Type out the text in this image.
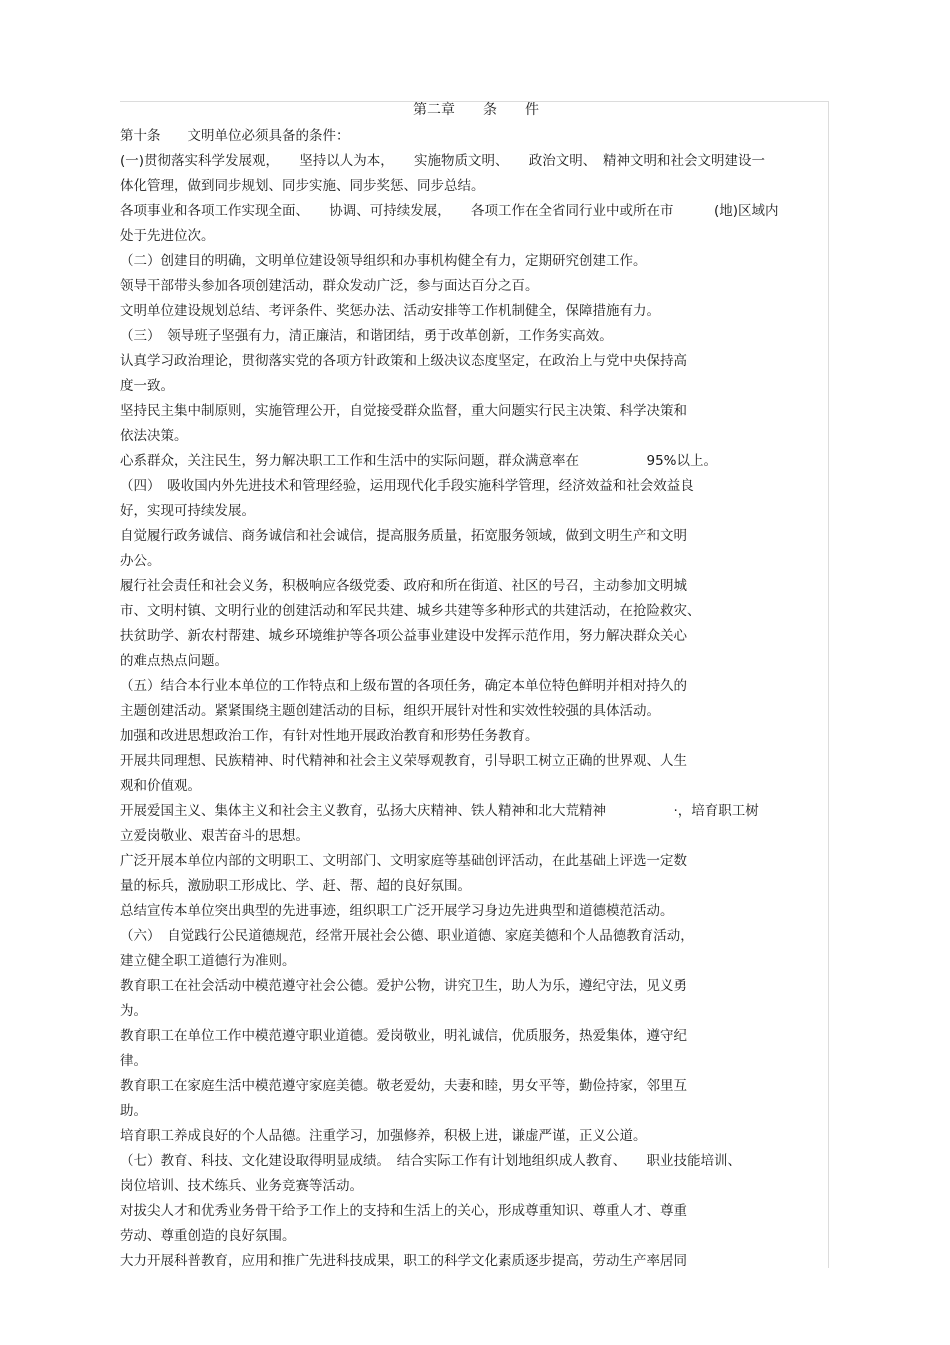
第二章　　条　　件
第十条　　文明单位必须具备的条件：
(一)贯彻落实科学发展观，　　坚持以人为本，　　实施物质文明、　　政治文明、　精神文明和社会文明建设一
体化管理，做到同步规划、同步实施、同步奖惩、同步总结。
各项事业和各项工作实现全面、　　协调、可持续发展，　　各项工作在全省同行业中或所在市　　　(地)区域内
处于先进位次。
（二）创建目的明确，文明单位建设领导组织和办事机构健全有力，定期研究创建工作。
领导干部带头参加各项创建活动，群众发动广泛，参与面达百分之百。
文明单位建设规划总结、考评条件、奖惩办法、活动安排等工作机制健全，保障措施有力。
（三）　领导班子坚强有力，清正廉洁，和谐团结，勇于改革创新，工作务实高效。
认真学习政治理论，贯彻落实党的各项方针政策和上级决议态度坚定，在政治上与党中央保持高
度一致。
坚持民主集中制原则，实施管理公开，自觉接受群众监督，重大问题实行民主决策、科学决策和
依法决策。
心系群众，关注民生，努力解决职工工作和生活中的实际问题，群众满意率在　　　　　95%以上。
（四）　吸收国内外先进技术和管理经验，运用现代化手段实施科学管理，经济效益和社会效益良
好，实现可持续发展。
自觉履行政务诚信、商务诚信和社会诚信，提高服务质量，拓宽服务领域，做到文明生产和文明
办公。
履行社会责任和社会义务，积极响应各级党委、政府和所在街道、社区的号召，主动参加文明城
市、文明村镇、文明行业的创建活动和军民共建、城乡共建等多种形式的共建活动，在抢险救灾、
扶贫助学、新农村帮建、城乡环境维护等各项公益事业建设中发挥示范作用，努力解决群众关心
的难点热点问题。
（五）结合本行业本单位的工作特点和上级布置的各项任务，确定本单位特色鲜明并相对持久的
主题创建活动。紧紧围绕主题创建活动的目标，组织开展针对性和实效性较强的具体活动。
加强和改进思想政治工作，有针对性地开展政治教育和形势任务教育。
开展共同理想、民族精神、时代精神和社会主义荣辱观教育，引导职工树立正确的世界观、人生
观和价值观。
开展爱国主义、集体主义和社会主义教育，弘扬大庆精神、铁人精神和北大荒精神　　　　　·，培育职工树
立爱岗敬业、艰苦奋斗的思想。
广泛开展本单位内部的文明职工、文明部门、文明家庭等基础创评活动，在此基础上评选一定数
量的标兵，激励职工形成比、学、赶、帮、超的良好氛围。
总结宣传本单位突出典型的先进事迹，组织职工广泛开展学习身边先进典型和道德模范活动。
（六）　自觉践行公民道德规范，经常开展社会公德、职业道德、家庭美德和个人品德教育活动，
建立健全职工道德行为准则。
教育职工在社会活动中模范遵守社会公德。爱护公物，讲究卫生，助人为乐，遵纪守法，见义勇
为。
教育职工在单位工作中模范遵守职业道德。爱岗敬业，明礼诚信，优质服务，热爱集体，遵守纪
律。
教育职工在家庭生活中模范遵守家庭美德。敬老爱幼，夫妻和睦，男女平等，勤俭持家，邻里互
助。
培育职工养成良好的个人品德。注重学习，加强修养，积极上进，谦虚严谨，正义公道。
（七）教育、科技、文化建设取得明显成绩。　结合实际工作有计划地组织成人教育、　　职业技能培训、
岗位培训、技术练兵、业务竞赛等活动。
对拔尖人才和优秀业务骨干给予工作上的支持和生活上的关心，形成尊重知识、尊重人才、尊重
劳动、尊重创造的良好氛围。
大力开展科普教育，应用和推广先进科技成果，职工的科学文化素质逐步提高，劳动生产率居同
